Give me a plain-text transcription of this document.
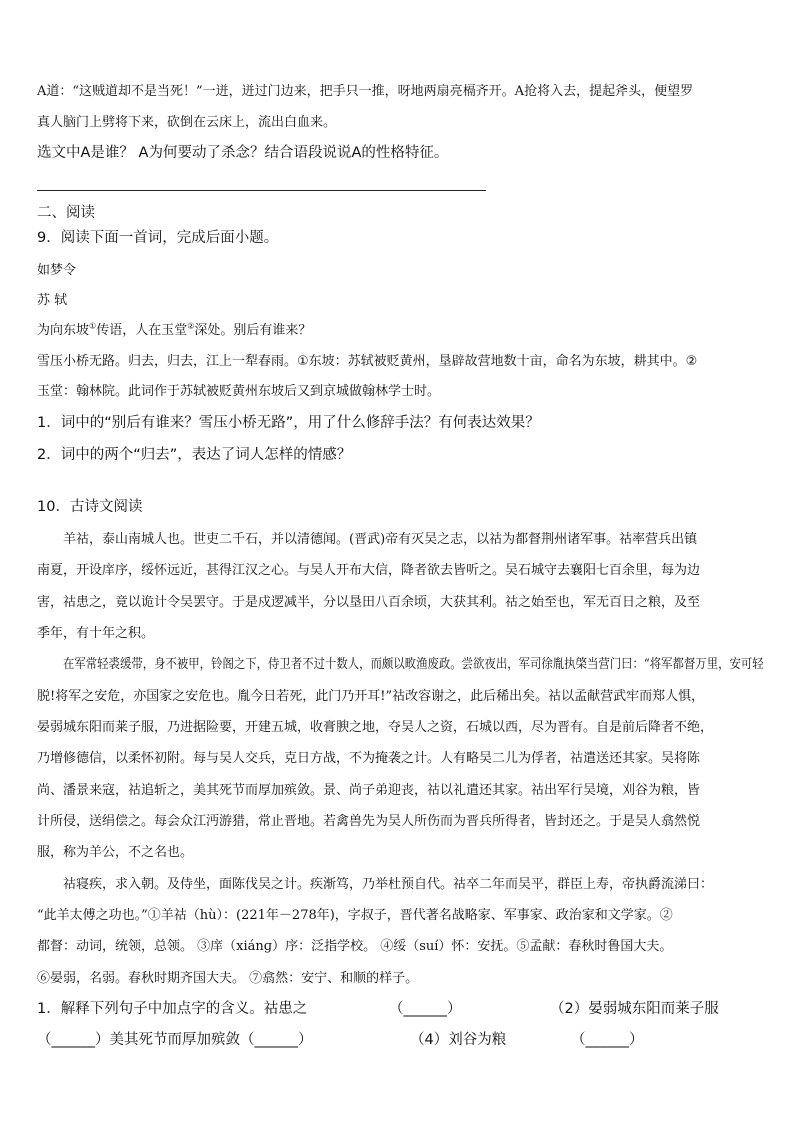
A道：“这贼道却不是当死！”一迸，迸过门边来，把手只一推，呀地两扇亮槅齐开。A抢将入去，提起斧头，便望罗
真人脑门上劈将下来，砍倒在云床上，流出白血来。
选文中A是谁？ A为何要动了杀念？结合语段说说A的性格特征。
二、阅读
9．阅读下面一首词，完成后面小题。
如梦令
苏 轼
为向东坡①传语，人在玉堂②深处。别后有谁来？
雪压小桥无路。归去，归去，江上一犁春雨。①东坡：苏轼被贬黄州，垦辟故营地数十亩，命名为东坡，耕其中。②
玉堂：翰林院。此词作于苏轼被贬黄州东坡后又到京城做翰林学士时。
1．词中的“别后有谁来？雪压小桥无路”，用了什么修辞手法？有何表达效果？
2．词中的两个“归去”，表达了词人怎样的情感？
10．古诗文阅读
羊祜，泰山南城人也。世吏二千石，并以清德闻。(晋武)帝有灭吴之志，以祜为都督荆州诸军事。祜率营兵出镇
南夏，开设庠序，绥怀远近，甚得江汉之心。与吴人开布大信，降者欲去皆听之。吴石城守去襄阳七百余里，每为边
害，祜患之，竟以诡计令吴罢守。于是戍逻减半，分以垦田八百余顷，大获其利。祜之始至也，军无百日之粮，及至
季年，有十年之积。
在军常轻裘缓带，身不被甲，铃阁之下，侍卫者不过十数人，而颇以畋渔废政。尝欲夜出，军司徐胤执棨当营门曰：“将军都督万里，安可轻
脱!将军之安危，亦国家之安危也。胤今日若死，此门乃开耳!”祜改容谢之，此后稀出矣。祜以孟献营武牢而郑人惧，
晏弱城东阳而莱子服，乃进据险要，开建五城，收膏腴之地，夺吴人之资，石城以西，尽为晋有。自是前后降者不绝，
乃增修德信，以柔怀初附。每与吴人交兵，克日方战，不为掩袭之计。人有略吴二儿为俘者，祜遣送还其家。吴将陈
尚、潘景来寇，祜追斩之，美其死节而厚加殡敛。景、尚子弟迎丧，祜以礼遣还其家。祜出军行吴境，刈谷为粮，皆
计所侵，送绢偿之。每会众江沔游猎，常止晋地。若禽兽先为吴人所伤而为晋兵所得者，皆封还之。于是吴人翕然悦
服，称为羊公，不之名也。
祜寝疾，求入朝。及侍坐，面陈伐吴之计。疾渐笃，乃举杜预自代。祜卒二年而吴平，群臣上寿，帝执爵流涕曰：
“此羊太傅之功也。”①羊祜（hù）：(221年－278年)，字叔子，晋代著名战略家、军事家、政治家和文学家。②
都督：动词，统领，总领。 ③庠（xiánɡ）序：泛指学校。 ④绥（suí）怀：安抚。⑤孟献：春秋时鲁国大夫。
⑥晏弱，名弱。春秋时期齐国大夫。 ⑦翕然：安宁、和顺的样子。
1．解释下列句子中加点字的含义。祜患之	（______）	（2）晏弱城东阳而莱子服
（______）美其死节而厚加殡敛（______）	（4）刘谷为粮	（______）
